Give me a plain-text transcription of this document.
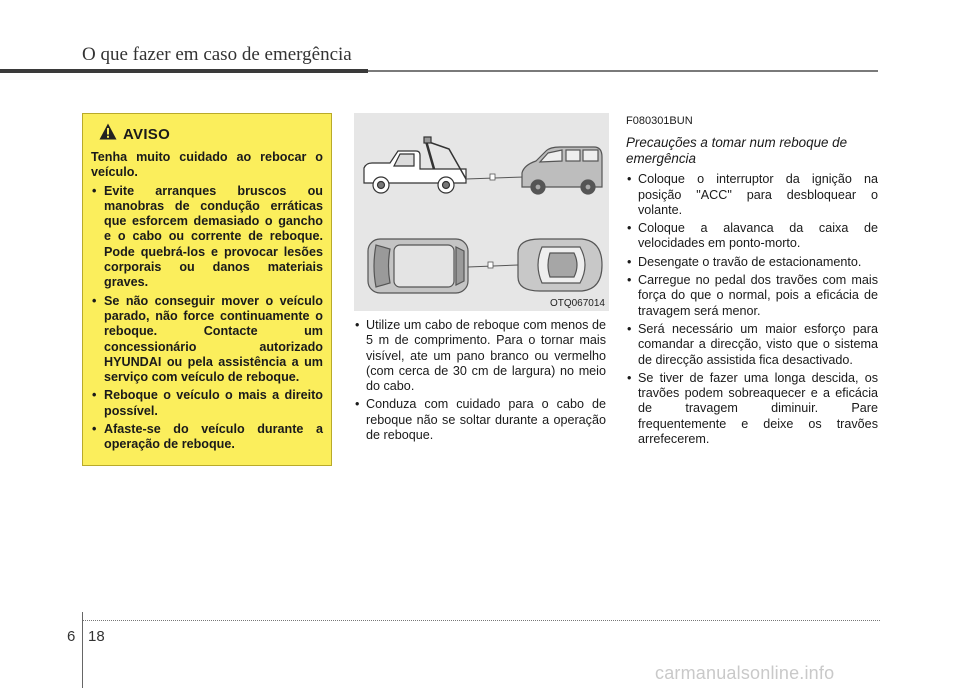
O que fazer em caso de emergência
AVISO
Tenha muito cuidado ao rebocar o veículo.
• Evite arranques bruscos ou manobras de condução erráticas que esforcem demasiado o gancho e o cabo ou corrente de reboque. Pode quebrá-los e provocar lesões corporais ou danos materiais graves.
• Se não conseguir mover o veículo parado, não force continuamente o reboque. Contacte um concessionário autorizado HYUNDAI ou pela assistência a um serviço com veículo de reboque.
• Reboque o veículo o mais a direito possível.
• Afaste-se do veículo durante a operação de reboque.
OTQ067014
• Utilize um cabo de reboque com menos de 5 m de comprimento. Para o tornar mais visível, ate um pano branco ou vermelho (com cerca de 30 cm de largura) no meio do cabo.
• Conduza com cuidado para o cabo de reboque não se soltar durante a operação de reboque.
F080301BUN
Precauções a tomar num reboque de emergência
• Coloque o interruptor da ignição na posição "ACC" para desbloquear o volante.
• Coloque a alavanca da caixa de velocidades em ponto-morto.
• Desengate o travão de estacionamento.
• Carregue no pedal dos travões com mais força do que o normal, pois a eficácia de travagem será menor.
• Será necessário um maior esforço para comandar a direcção, visto que o sistema de direcção assistida fica desactivado.
• Se tiver de fazer uma longa descida, os travões podem sobreaquecer e a eficácia de travagem diminuir. Pare frequentemente e deixe os travões arrefecerem.
6 18
carmanualsonline.info
